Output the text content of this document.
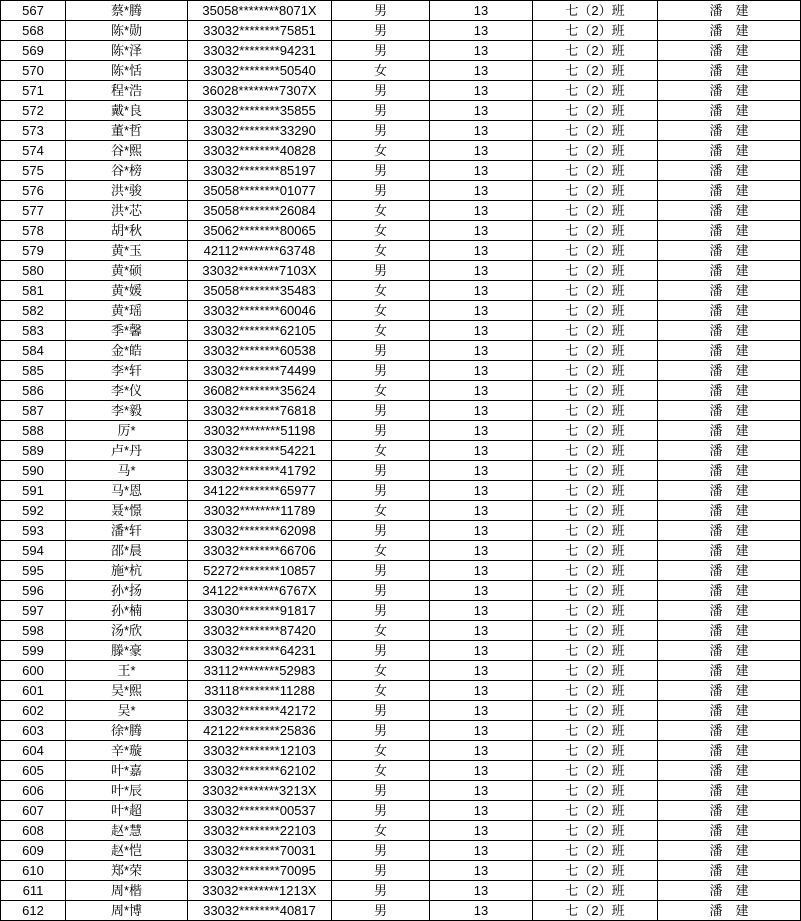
567	蔡*腾	35058********8071X	男	13	七（2）班	潘　建
568	陈*勋	33032********75851	男	13	七（2）班	潘　建
569	陈*泽	33032********94231	男	13	七（2）班	潘　建
570	陈*恬	33032********50540	女	13	七（2）班	潘　建
571	程*浩	36028********7307X	男	13	七（2）班	潘　建
572	戴*良	33032********35855	男	13	七（2）班	潘　建
573	董*哲	33032********33290	男	13	七（2）班	潘　建
574	谷*熙	33032********40828	女	13	七（2）班	潘　建
575	谷*榜	33032********85197	男	13	七（2）班	潘　建
576	洪*骏	35058********01077	男	13	七（2）班	潘　建
577	洪*芯	35058********26084	女	13	七（2）班	潘　建
578	胡*秋	35062********80065	女	13	七（2）班	潘　建
579	黄*玉	42112********63748	女	13	七（2）班	潘　建
580	黄*硕	33032********7103X	男	13	七（2）班	潘　建
581	黄*媛	35058********35483	女	13	七（2）班	潘　建
582	黄*瑶	33032********60046	女	13	七（2）班	潘　建
583	季*馨	33032********62105	女	13	七（2）班	潘　建
584	金*皓	33032********60538	男	13	七（2）班	潘　建
585	李*轩	33032********74499	男	13	七（2）班	潘　建
586	李*仪	36082********35624	女	13	七（2）班	潘　建
587	李*毅	33032********76818	男	13	七（2）班	潘　建
588	厉*	33032********51198	男	13	七（2）班	潘　建
589	卢*丹	33032********54221	女	13	七（2）班	潘　建
590	马*	33032********41792	男	13	七（2）班	潘　建
591	马*恩	34122********65977	男	13	七（2）班	潘　建
592	聂*憬	33032********11789	女	13	七（2）班	潘　建
593	潘*轩	33032********62098	男	13	七（2）班	潘　建
594	邵*晨	33032********66706	女	13	七（2）班	潘　建
595	施*杭	52272********10857	男	13	七（2）班	潘　建
596	孙*扬	34122********6767X	男	13	七（2）班	潘　建
597	孙*楠	33030********91817	男	13	七（2）班	潘　建
598	汤*欣	33032********87420	女	13	七（2）班	潘　建
599	滕*豪	33032********64231	男	13	七（2）班	潘　建
600	王*	33112********52983	女	13	七（2）班	潘　建
601	吴*熙	33118********11288	女	13	七（2）班	潘　建
602	吴*	33032********42172	男	13	七（2）班	潘　建
603	徐*腾	42122********25836	男	13	七（2）班	潘　建
604	辛*璇	33032********12103	女	13	七（2）班	潘　建
605	叶*嘉	33032********62102	女	13	七（2）班	潘　建
606	叶*辰	33032********3213X	男	13	七（2）班	潘　建
607	叶*超	33032********00537	男	13	七（2）班	潘　建
608	赵*慧	33032********22103	女	13	七（2）班	潘　建
609	赵*恺	33032********70031	男	13	七（2）班	潘　建
610	郑*荣	33032********70095	男	13	七（2）班	潘　建
611	周*楷	33032********1213X	男	13	七（2）班	潘　建
612	周*博	33032********40817	男	13	七（2）班	潘　建
